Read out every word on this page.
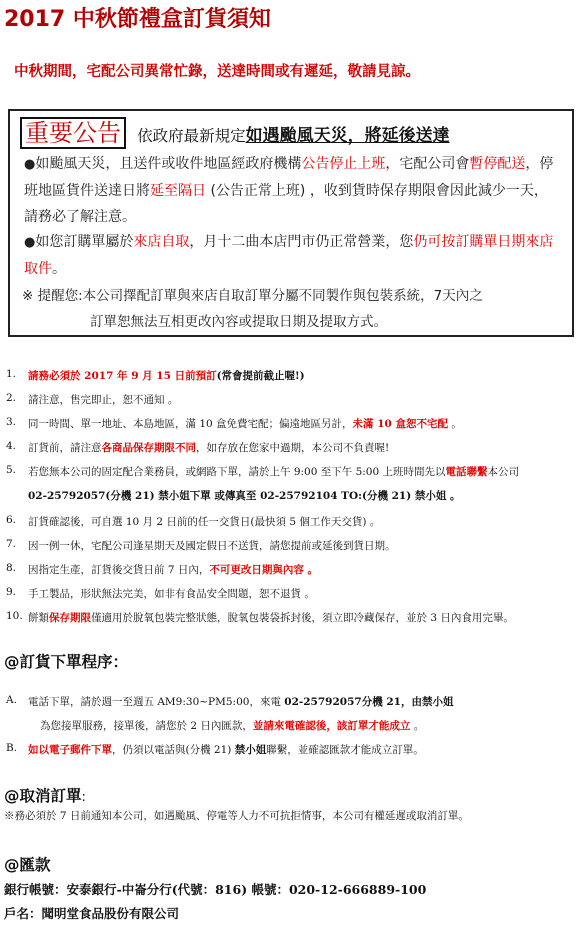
2017 中秋節禮盒訂貨須知

中秋期間，宅配公司異常忙錄，送達時間或有遲延，敬請見諒。

重要公告 依政府最新規定如遇颱風天災，將延後送達

●如颱風天災，且送件或收件地區經政府機構公告停止上班，宅配公司會暫停配送，停班地區貨件送達日將延至隔日 (公告正常上班) ，收到貨時保存期限會因此減少一天，請務必了解注意。

●如您訂購單屬於來店自取，月十二曲本店門市仍正常營業，您仍可按訂購單日期來店取件。

※ 提醒您:本公司擇配訂單與來店自取訂單分屬不同製作與包裝系統，7天內之

訂單恕無法互相更改內容或提取日期及提取方式。

1. 請務必須於 2017 年 9 月 15 日前預訂(常會提前截止喔!)
2. 請注意，售完即止，恕不通知 。
3. 同一時間、單一地址、本島地區，滿 10 盒免費宅配；偏遠地區另計，未滿 10 盒恕不宅配 。
4. 訂貨前，請注意各商品保存期限不同，如存放在您家中過期，本公司不負責喔!
5. 若您無本公司的固定配合業務員，或網路下單，請於上午 9:00 至下午 5:00 上班時間先以電話聯繫本公司
02-25792057(分機 21) 禁小姐下單 或傳真至 02-25792104 TO:(分機 21) 禁小姐 。
6. 訂貨確認後，可自選 10 月 2 日前的任一交貨日(最快須 5 個工作天交貨) 。
7. 因一例一休，宅配公司逢星期天及國定假日不送貨，請您提前或延後到貨日期。
8. 因指定生產，訂貨後交貨日前 7 日內，不可更改日期與內容 。
9. 手工製品，形狀無法完美，如非有食品安全問題，恕不退貨 。
10. 餅類保存期限僅適用於脫氧包裝完整狀態，脫氧包裝袋拆封後，須立即冷藏保存，並於 3 日內食用完畢。
@訂貨下單程序：
A. 電話下單，請於週一至週五 AM9:30~PM5:00，來電 02-25792057分機 21，由禁小姐
為您接單服務，接單後，請您於 2 日內匯款，並請來電確認後，該訂單才能成立 。
B. 如以電子郵件下單，仍須以電話與(分機 21) 禁小姐聯繫，並確認匯款才能成立訂單。
@取消訂單:

※務必須於 7 日前通知本公司，如遇颱風、停電等人力不可抗拒情事，本公司有權延遲或取消訂單。

@匯款

銀行帳號：安泰銀行-中崙分行(代號：816) 帳號：020-12-666889-100

戶名：聞明堂食品股份有限公司
